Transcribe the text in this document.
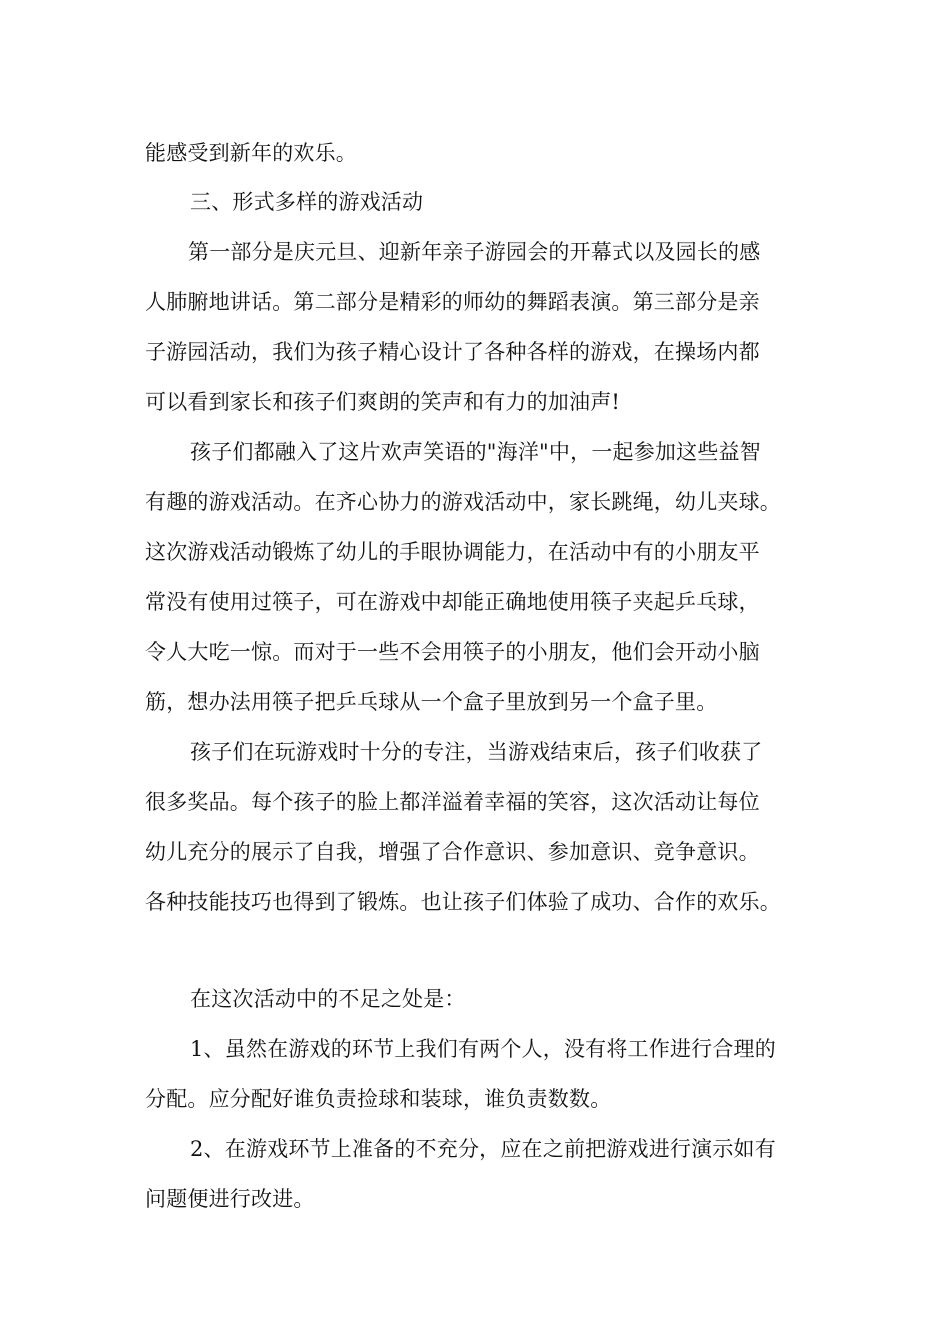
能感受到新年的欢乐。
三、形式多样的游戏活动
第一部分是庆元旦、迎新年亲子游园会的开幕式以及园长的感
人肺腑地讲话。第二部分是精彩的师幼的舞蹈表演。第三部分是亲
子游园活动，我们为孩子精心设计了各种各样的游戏，在操场内都
可以看到家长和孩子们爽朗的笑声和有力的加油声!
孩子们都融入了这片欢声笑语的"海洋"中，一起参加这些益智
有趣的游戏活动。在齐心协力的游戏活动中，家长跳绳，幼儿夹球。
这次游戏活动锻炼了幼儿的手眼协调能力，在活动中有的小朋友平
常没有使用过筷子，可在游戏中却能正确地使用筷子夹起乒乓球，
令人大吃一惊。而对于一些不会用筷子的小朋友，他们会开动小脑
筋，想办法用筷子把乒乓球从一个盒子里放到另一个盒子里。
孩子们在玩游戏时十分的专注，当游戏结束后，孩子们收获了
很多奖品。每个孩子的脸上都洋溢着幸福的笑容，这次活动让每位
幼儿充分的展示了自我，增强了合作意识、参加意识、竞争意识。
各种技能技巧也得到了锻炼。也让孩子们体验了成功、合作的欢乐。
在这次活动中的不足之处是：
1、虽然在游戏的环节上我们有两个人，没有将工作进行合理的
分配。应分配好谁负责捡球和装球，谁负责数数。
2、在游戏环节上准备的不充分，应在之前把游戏进行演示如有
问题便进行改进。
